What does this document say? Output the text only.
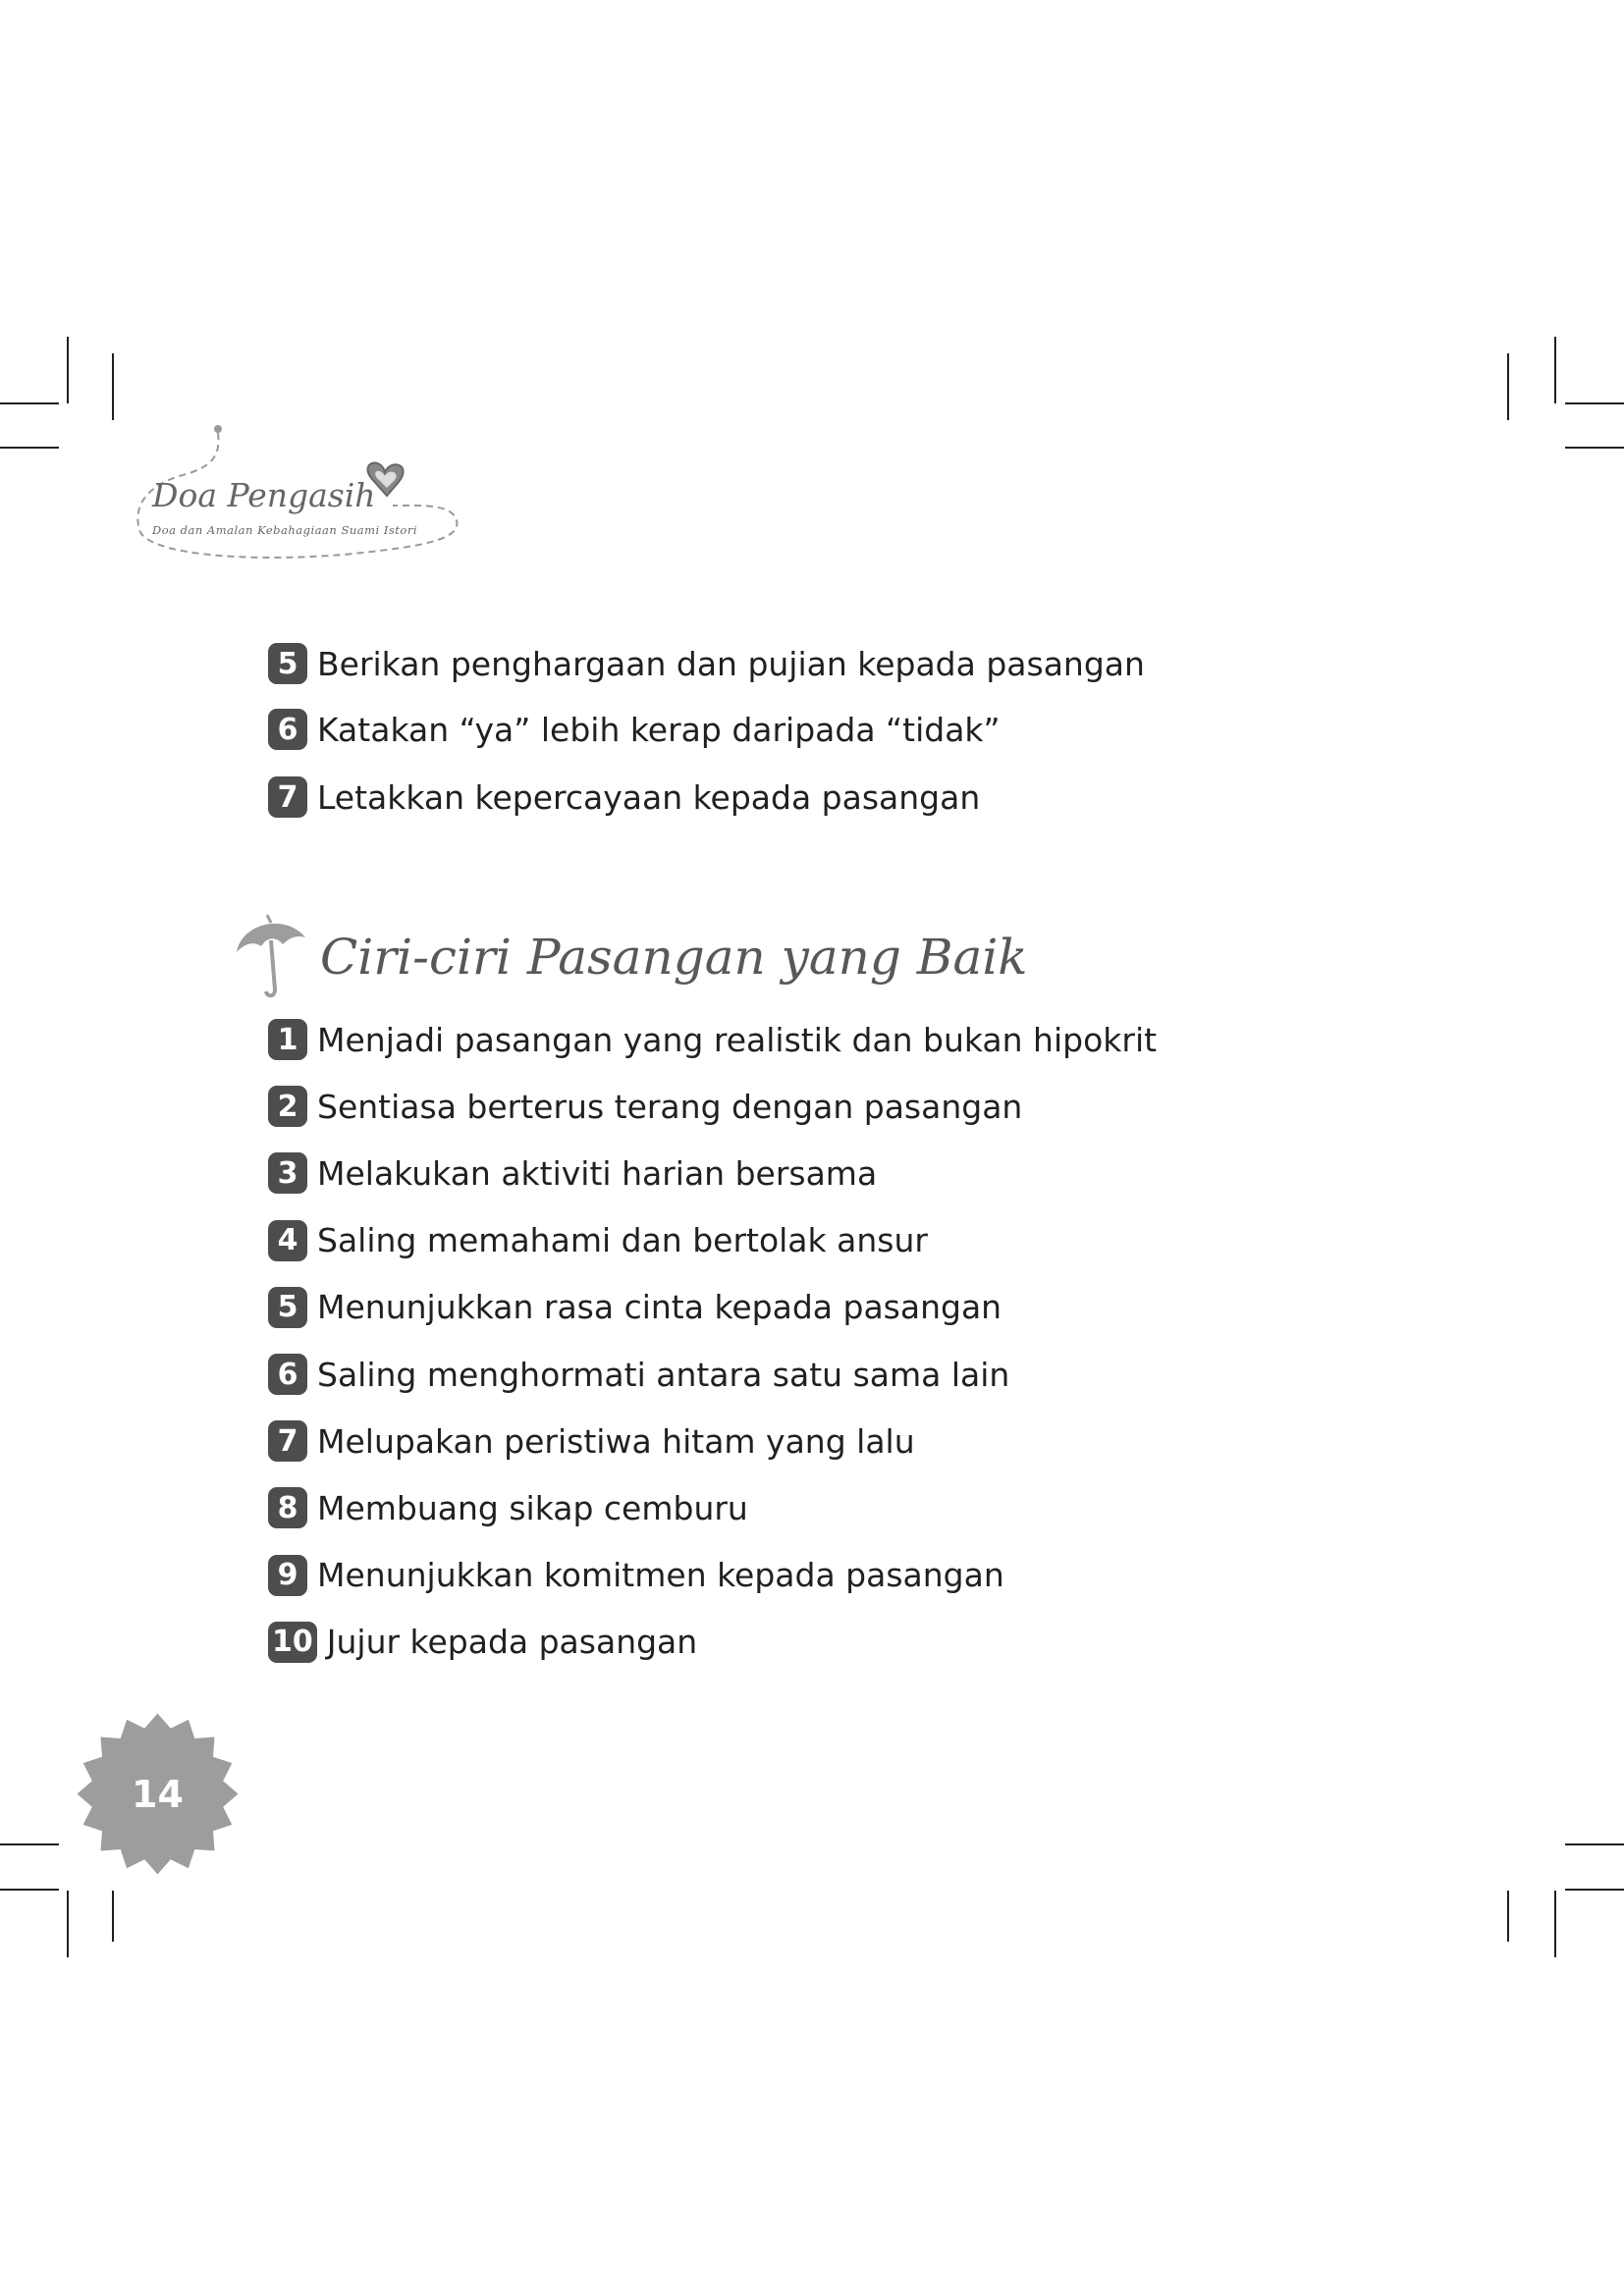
Doa Pengasih
Doa dan Amalan Kebahagiaan Suami Istori
5 Berikan penghargaan dan pujian kepada pasangan
6 Katakan “ya” lebih kerap daripada “tidak”
7 Letakkan kepercayaan kepada pasangan
Ciri-ciri Pasangan yang Baik
1 Menjadi pasangan yang realistik dan bukan hipokrit
2 Sentiasa berterus terang dengan pasangan
3 Melakukan aktiviti harian bersama
4 Saling memahami dan bertolak ansur
5 Menunjukkan rasa cinta kepada pasangan
6 Saling menghormati antara satu sama lain
7 Melupakan peristiwa hitam yang lalu
8 Membuang sikap cemburu
9 Menunjukkan komitmen kepada pasangan
10 Jujur kepada pasangan
14
